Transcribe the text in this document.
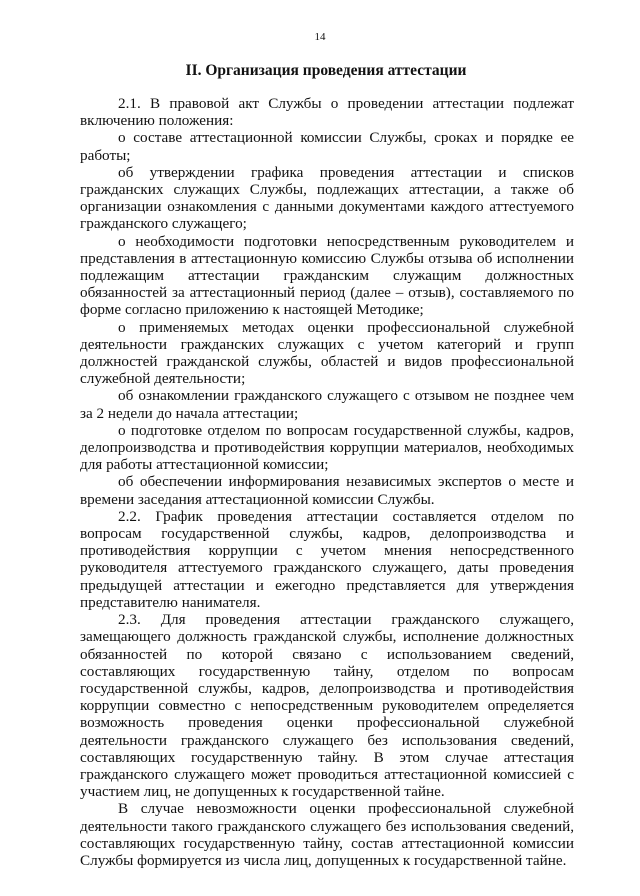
14
II. Организация проведения аттестации

2.1. В правовой акт Службы о проведении аттестации подлежат включению положения:

о составе аттестационной комиссии Службы, сроках и порядке ее работы;

об утверждении графика проведения аттестации и списков гражданских служащих Службы, подлежащих аттестации, а также об организации ознакомления с данными документами каждого аттестуемого гражданского служащего;

о необходимости подготовки непосредственным руководителем и представления в аттестационную комиссию Службы отзыва об исполнении подлежащим аттестации гражданским служащим должностных обязанностей за аттестационный период (далее – отзыв), составляемого по форме согласно приложению к настоящей Методике;

о применяемых методах оценки профессиональной служебной деятельности гражданских служащих с учетом категорий и групп должностей гражданской службы, областей и видов профессиональной служебной деятельности;

об ознакомлении гражданского служащего с отзывом не позднее чем за 2 недели до начала аттестации;

о подготовке отделом по вопросам государственной службы, кадров, делопроизводства и противодействия коррупции материалов, необходимых для работы аттестационной комиссии;

об обеспечении информирования независимых экспертов о месте и времени заседания аттестационной комиссии Службы.

2.2. График проведения аттестации составляется отделом по вопросам государственной службы, кадров, делопроизводства и противодействия коррупции с учетом мнения непосредственного руководителя аттестуемого гражданского служащего, даты проведения предыдущей аттестации и ежегодно представляется для утверждения представителю нанимателя.

2.3. Для проведения аттестации гражданского служащего, замещающего должность гражданской службы, исполнение должностных обязанностей по которой связано с использованием сведений, составляющих государственную тайну, отделом по вопросам государственной службы, кадров, делопроизводства и противодействия коррупции совместно с непосредственным руководителем определяется возможность проведения оценки профессиональной служебной деятельности гражданского служащего без использования сведений, составляющих государственную тайну. В этом случае аттестация гражданского служащего может проводиться аттестационной комиссией с участием лиц, не допущенных к государственной тайне.

В случае невозможности оценки профессиональной служебной деятельности такого гражданского служащего без использования сведений, составляющих государственную тайну, состав аттестационной комиссии Службы формируется из числа лиц, допущенных к государственной тайне.
